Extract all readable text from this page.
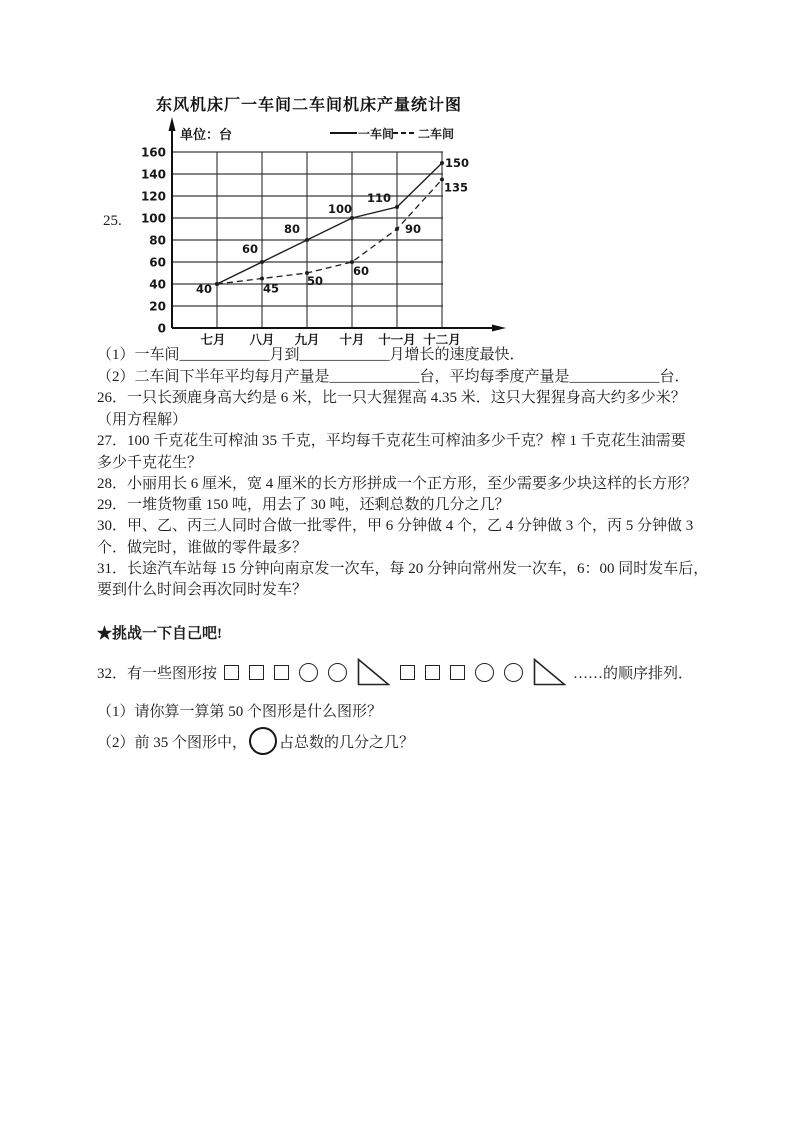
东风机床厂一车间二车间机床产量统计图
25.
0
20
40
60
80
100
120
140
160
单位：台
七月 八月 九月 十月 十一月 十二月
40
60
80
100
110
150
45
50
60
90
135
一车间 二车间
（1）一车间____________月到____________月增长的速度最快．
（2）二车间下半年平均每月产量是____________台，平均每季度产量是____________台．
26．一只长颈鹿身高大约是 6 米，比一只大猩猩高 4.35 米．这只大猩猩身高大约多少米？
（用方程解）
27．100 千克花生可榨油 35 千克，平均每千克花生可榨油多少千克？榨 1 千克花生油需要
多少千克花生？
28．小丽用长 6 厘米，宽 4 厘米的长方形拼成一个正方形，至少需要多少块这样的长方形？
29．一堆货物重 150 吨，用去了 30 吨，还剩总数的几分之几？
30．甲、乙、丙三人同时合做一批零件，甲 6 分钟做 4 个，乙 4 分钟做 3 个，丙 5 分钟做 3
个．做完时，谁做的零件最多？
31．长途汽车站每 15 分钟向南京发一次车，每 20 分钟向常州发一次车，6：00 同时发车后，
要到什么时间会再次同时发车？
★挑战一下自己吧!
32．有一些图形按	……的顺序排列．
（1）请你算一算第 50 个图形是什么图形？
（2）前 35 个图形中， 占总数的几分之几？
